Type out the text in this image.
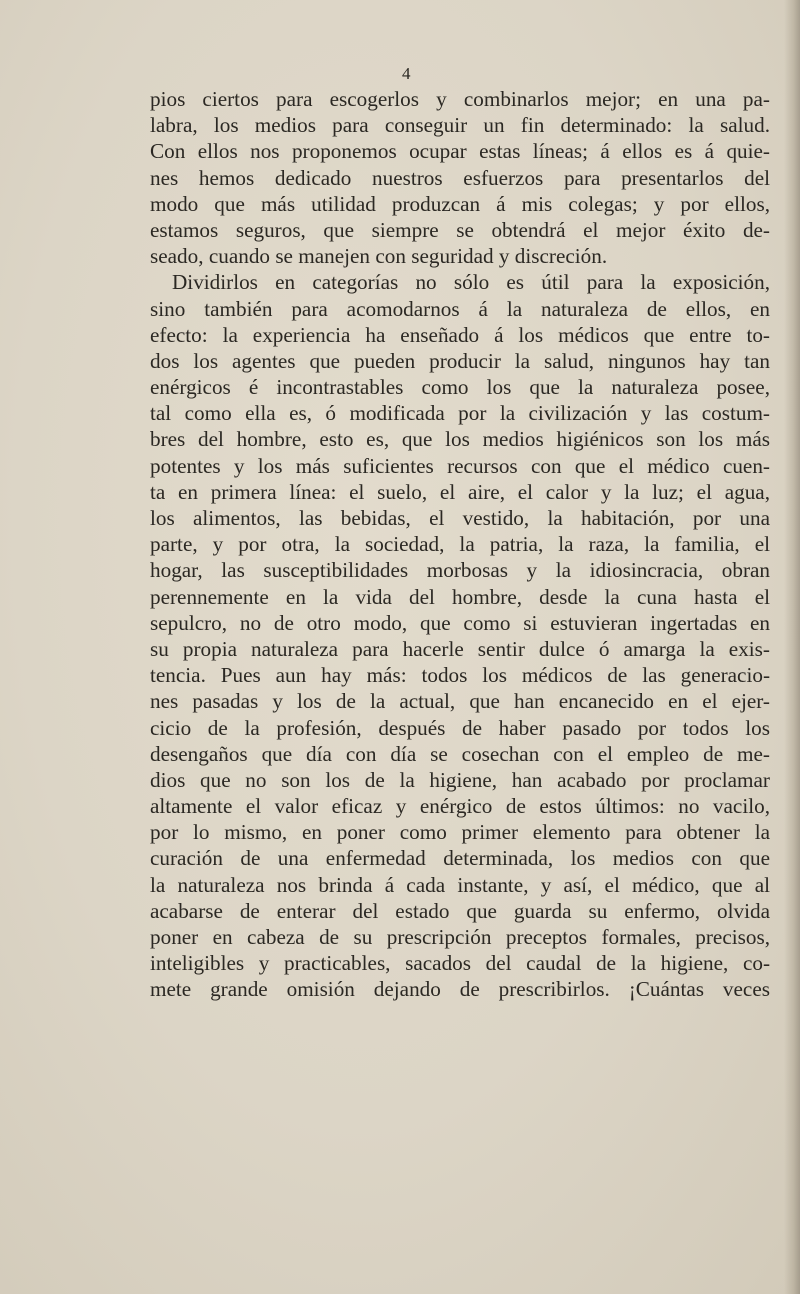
4
pios ciertos para escogerlos y combinarlos mejor; en una pa-
labra, los medios para conseguir un fin determinado: la salud.
Con ellos nos proponemos ocupar estas líneas; á ellos es á quie-
nes hemos dedicado nuestros esfuerzos para presentarlos del
modo que más utilidad produzcan á mis colegas; y por ellos,
estamos seguros, que siempre se obtendrá el mejor éxito de-
seado, cuando se manejen con seguridad y discreción.
Dividirlos en categorías no sólo es útil para la exposición,
sino también para acomodarnos á la naturaleza de ellos, en
efecto: la experiencia ha enseñado á los médicos que entre to-
dos los agentes que pueden producir la salud, ningunos hay tan
enérgicos é incontrastables como los que la naturaleza posee,
tal como ella es, ó modificada por la civilización y las costum-
bres del hombre, esto es, que los medios higiénicos son los más
potentes y los más suficientes recursos con que el médico cuen-
ta en primera línea: el suelo, el aire, el calor y la luz; el agua,
los alimentos, las bebidas, el vestido, la habitación, por una
parte, y por otra, la sociedad, la patria, la raza, la familia, el
hogar, las susceptibilidades morbosas y la idiosincracia, obran
perennemente en la vida del hombre, desde la cuna hasta el
sepulcro, no de otro modo, que como si estuvieran ingertadas en
su propia naturaleza para hacerle sentir dulce ó amarga la exis-
tencia. Pues aun hay más: todos los médicos de las generacio-
nes pasadas y los de la actual, que han encanecido en el ejer-
cicio de la profesión, después de haber pasado por todos los
desengaños que día con día se cosechan con el empleo de me-
dios que no son los de la higiene, han acabado por proclamar
altamente el valor eficaz y enérgico de estos últimos: no vacilo,
por lo mismo, en poner como primer elemento para obtener la
curación de una enfermedad determinada, los medios con que
la naturaleza nos brinda á cada instante, y así, el médico, que al
acabarse de enterar del estado que guarda su enfermo, olvida
poner en cabeza de su prescripción preceptos formales, precisos,
inteligibles y practicables, sacados del caudal de la higiene, co-
mete grande omisión dejando de prescribirlos. ¡Cuántas veces
